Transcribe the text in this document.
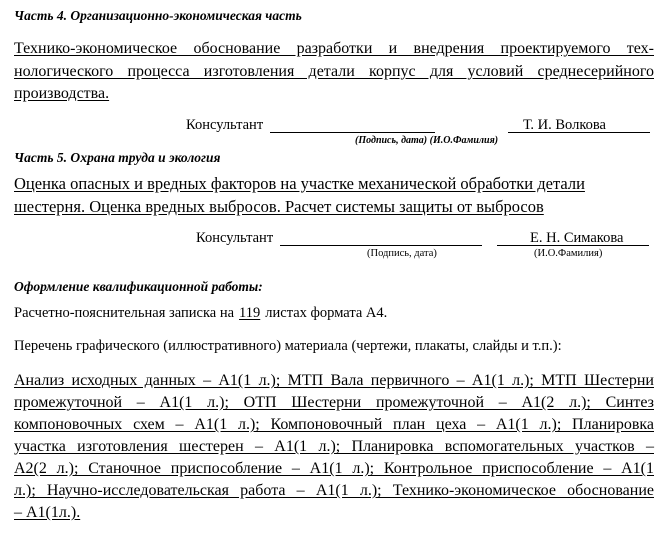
Часть 4. Организационно-экономическая часть
Технико-экономическое обоснование разработки и внедрения проектируемого тех-
нологического процесса изготовления детали корпус для условий среднесерийного
производства.
Консультант	Т. И. Волкова
(Подпись, дата) (И.О.Фамилия)
Часть 5. Охрана труда и экология
Оценка опасных и вредных факторов на участке механической обработки детали
шестерня. Оценка вредных выбросов. Расчет системы защиты от выбросов
Консультант	Е. Н. Симакова
(Подпись, дата)	(И.О.Фамилия)
Оформление квалификационной работы:
Расчетно-пояснительная записка на 119 листах формата А4.
Перечень графического (иллюстративного) материала (чертежи, плакаты, слайды и т.п.):
Анализ исходных данных – А1(1 л.); МТП Вала первичного – А1(1 л.); МТП Шестерни
промежуточной – А1(1 л.); ОТП Шестерни промежуточной – А1(2 л.); Синтез
компоновочных схем – А1(1 л.); Компоновочный план цеха – А1(1 л.); Планировка
участка изготовления шестерен – А1(1 л.); Планировка вспомогательных участков –
А2(2 л.); Станочное приспособление – А1(1 л.); Контрольное приспособление – А1(1
л.); Научно-исследовательская работа – А1(1 л.); Технико-экономическое обоснование
– А1(1л.).
